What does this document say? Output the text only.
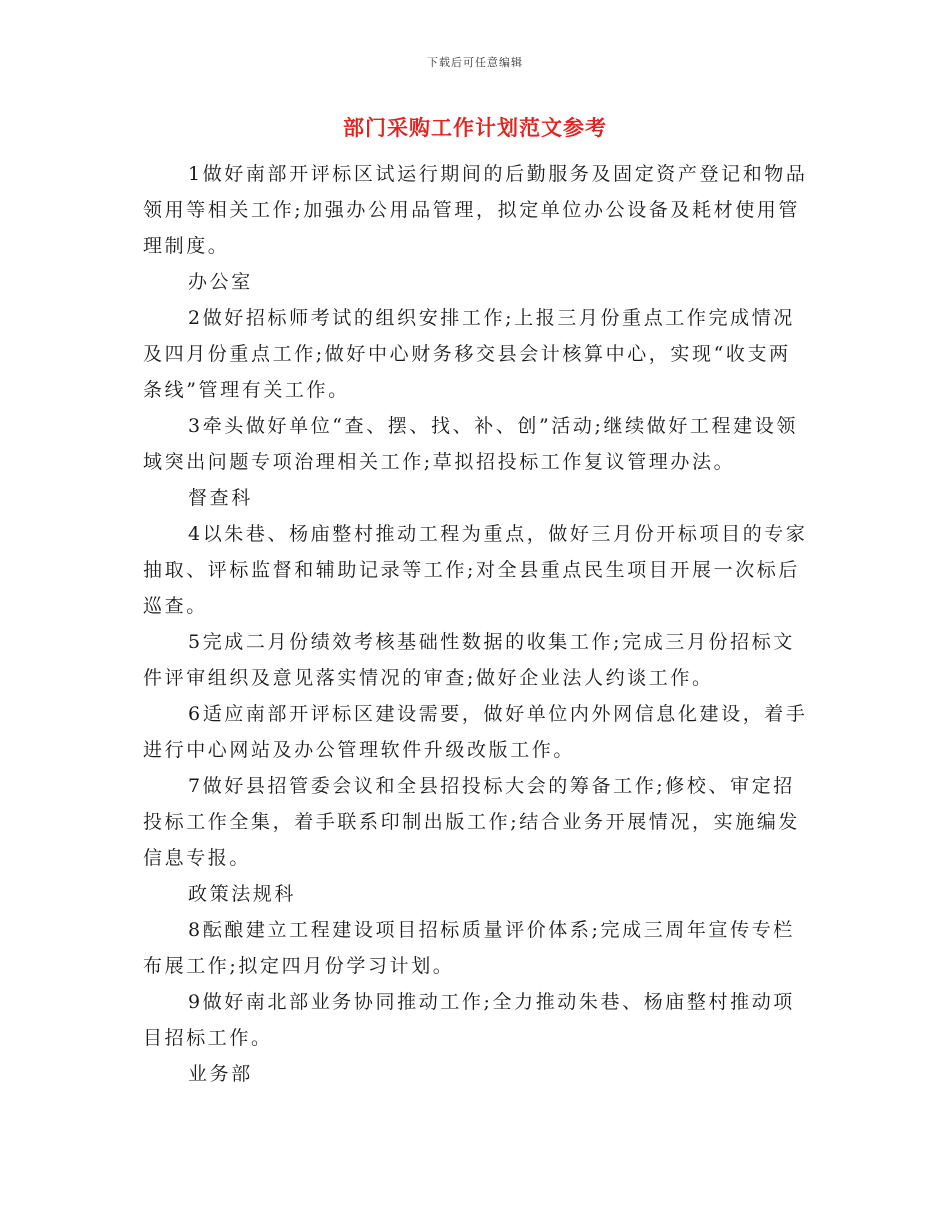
下载后可任意编辑
部门采购工作计划范文参考

1做好南部开评标区试运行期间的后勤服务及固定资产登记和物品领用等相关工作;加强办公用品管理，拟定单位办公设备及耗材使用管理制度。

办公室

2做好招标师考试的组织安排工作;上报三月份重点工作完成情况及四月份重点工作;做好中心财务移交县会计核算中心，实现“收支两条线”管理有关工作。

3牵头做好单位“查、摆、找、补、创”活动;继续做好工程建设领域突出问题专项治理相关工作;草拟招投标工作复议管理办法。

督查科

4以朱巷、杨庙整村推动工程为重点，做好三月份开标项目的专家抽取、评标监督和辅助记录等工作;对全县重点民生项目开展一次标后巡查。

5完成二月份绩效考核基础性数据的收集工作;完成三月份招标文件评审组织及意见落实情况的审查;做好企业法人约谈工作。

6适应南部开评标区建设需要，做好单位内外网信息化建设，着手进行中心网站及办公管理软件升级改版工作。

7做好县招管委会议和全县招投标大会的筹备工作;修校、审定招投标工作全集，着手联系印制出版工作;结合业务开展情况，实施编发信息专报。

政策法规科

8酝酿建立工程建设项目招标质量评价体系;完成三周年宣传专栏布展工作;拟定四月份学习计划。

9做好南北部业务协同推动工作;全力推动朱巷、杨庙整村推动项目招标工作。

业务部
